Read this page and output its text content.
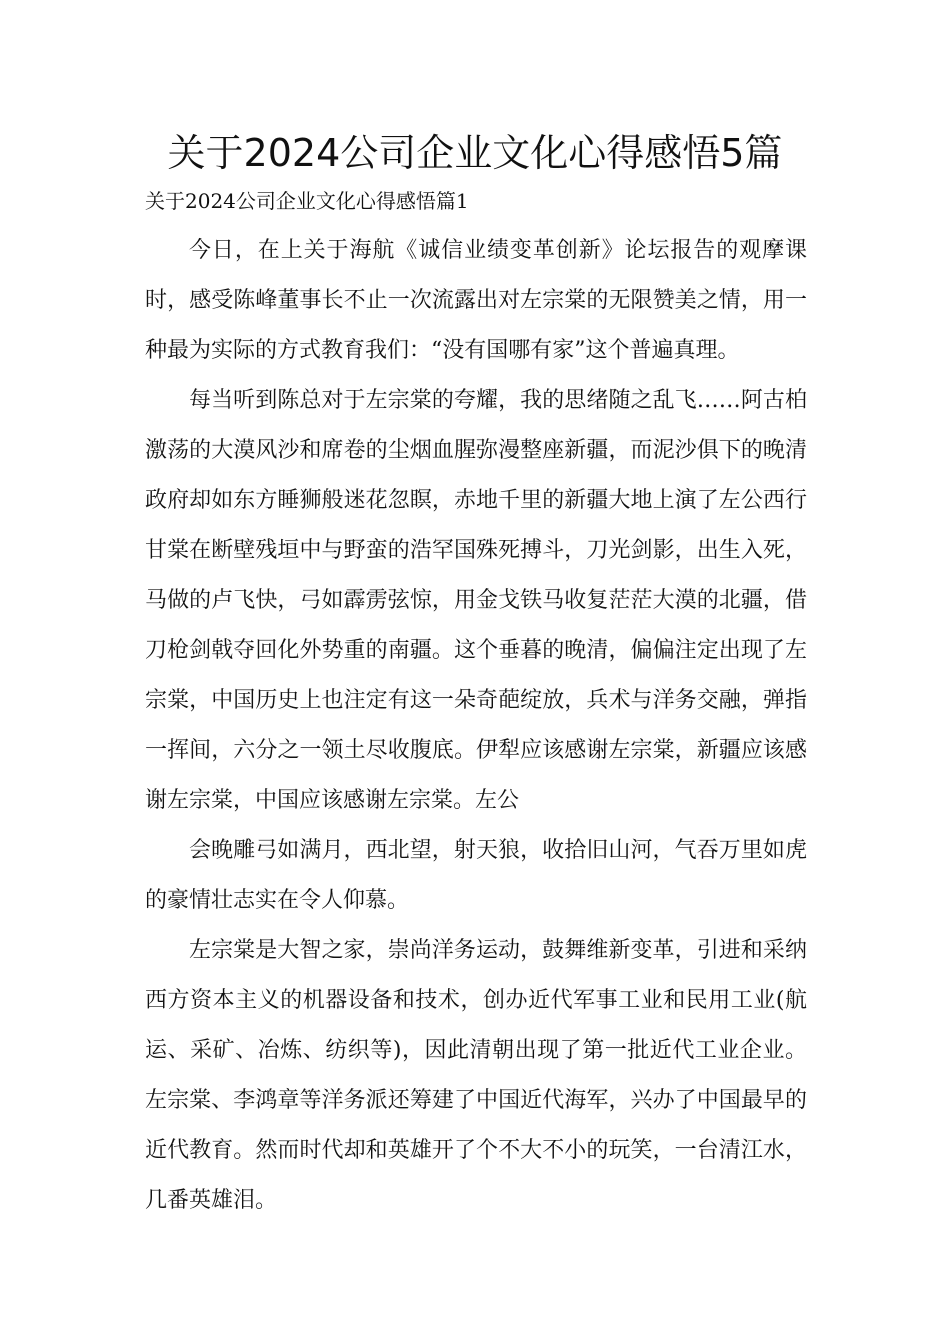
关于2024公司企业文化心得感悟5篇
关于2024公司企业文化心得感悟篇1

今日，在上关于海航《诚信业绩变革创新》论坛报告的观摩课时，感受陈峰董事长不止一次流露出对左宗棠的无限赞美之情，用一种最为实际的方式教育我们：“没有国哪有家”这个普遍真理。

每当听到陈总对于左宗棠的夸耀，我的思绪随之乱飞……阿古柏激荡的大漠风沙和席卷的尘烟血腥弥漫整座新疆，而泥沙俱下的晚清政府却如东方睡狮般迷花忽瞑，赤地千里的新疆大地上演了左公西行甘棠在断壁残垣中与野蛮的浩罕国殊死搏斗，刀光剑影，出生入死，马做的卢飞快，弓如霹雳弦惊，用金戈铁马收复茫茫大漠的北疆，借刀枪剑戟夺回化外势重的南疆。这个垂暮的晚清，偏偏注定出现了左宗棠，中国历史上也注定有这一朵奇葩绽放，兵术与洋务交融，弹指一挥间，六分之一领土尽收腹底。伊犁应该感谢左宗棠，新疆应该感谢左宗棠，中国应该感谢左宗棠。左公

会晚雕弓如满月，西北望，射天狼，收拾旧山河，气吞万里如虎的豪情壮志实在令人仰慕。

左宗棠是大智之家，崇尚洋务运动，鼓舞维新变革，引进和采纳西方资本主义的机器设备和技术，创办近代军事工业和民用工业(航运、采矿、冶炼、纺织等)，因此清朝出现了第一批近代工业企业。左宗棠、李鸿章等洋务派还筹建了中国近代海军，兴办了中国最早的近代教育。然而时代却和英雄开了个不大不小的玩笑，一台清江水，几番英雄泪。
